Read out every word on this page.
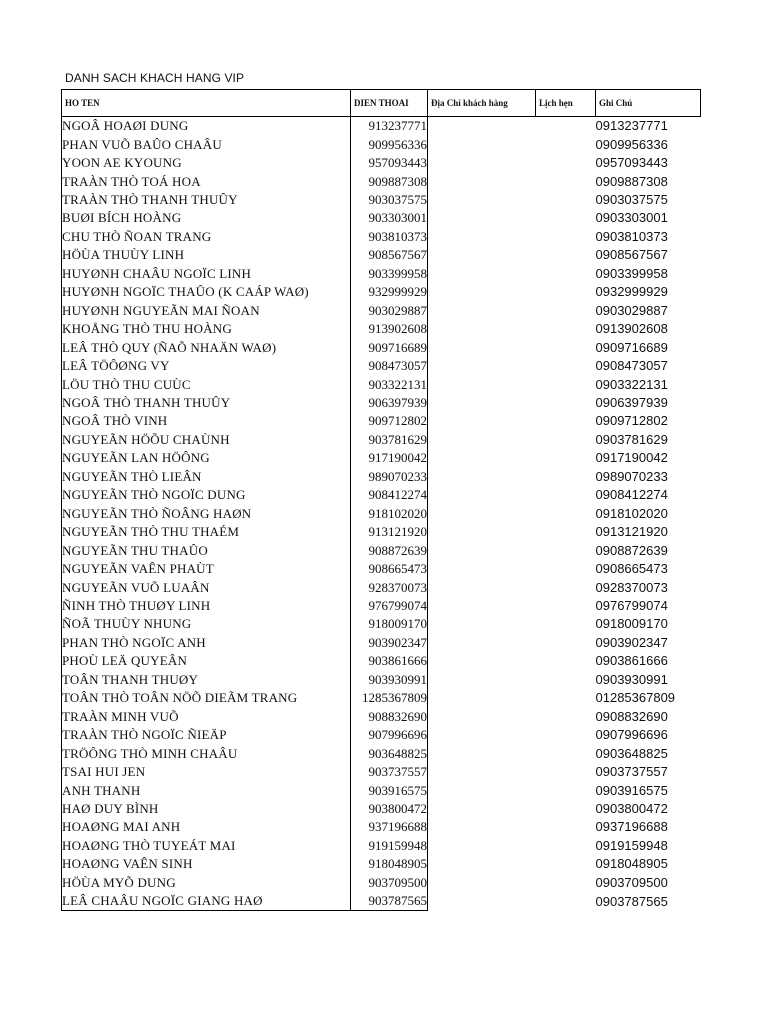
DANH SACH KHACH HANG VIP
HO TEN	DIEN THOAI	Địa Chỉ khách hàng	Lịch hẹn	Ghi Chú
NGOÂ HOAØI DUNG	913237771			0913237771
PHAN VUÕ BAÛO CHAÂU	909956336			0909956336
YOON AE KYOUNG	957093443			0957093443
TRAÀN THÒ TOÁ HOA	909887308			0909887308
TRAÀN THÒ THANH THUÛY	903037575			0903037575
BUØI BÍCH HOÀNG	903303001			0903303001
CHU THÒ ÑOAN TRANG	903810373			0903810373
HÖÙA THUÙY LINH	908567567			0908567567
HUYØNH CHAÂU NGOÏC LINH	903399958			0903399958
HUYØNH NGOÏC THAÛO (K CAÁP WAØ)	932999929			0932999929
HUYØNH NGUYEÃN MAI ÑOAN	903029887			0903029887
KHOÅNG THÒ THU HOÀNG	913902608			0913902608
LEÂ THÒ QUY (ÑAÕ NHAÄN WAØ)	909716689			0909716689
LEÂ TÖÔØNG VY	908473057			0908473057
LÖU THÒ THU CUÙC	903322131			0903322131
NGOÂ THÒ THANH THUÛY	906397939			0906397939
NGOÂ THÒ VINH	909712802			0909712802
NGUYEÃN HÖÕU CHAÙNH	903781629			0903781629
NGUYEÃN LAN HÖÔNG	917190042			0917190042
NGUYEÃN THÒ LIEÂN	989070233			0989070233
NGUYEÃN THÒ NGOÏC DUNG	908412274			0908412274
NGUYEÃN THÒ ÑOÂNG HAØN	918102020			0918102020
NGUYEÃN THÒ THU THAÉM	913121920			0913121920
NGUYEÃN THU THAÛO	908872639			0908872639
NGUYEÃN VAÊN PHAÙT	908665473			0908665473
NGUYEÃN VUÕ LUAÂN	928370073			0928370073
ÑINH THÒ THUØY LINH	976799074			0976799074
ÑOÃ THUÙY NHUNG	918009170			0918009170
PHAN THÒ NGOÏC ANH	903902347			0903902347
PHOÙ LEÄ QUYEÂN	903861666			0903861666
TOÂN THANH THUØY	903930991			0903930991
TOÂN THÒ TOÂN NÖÕ DIEÃM TRANG	1285367809			01285367809
TRAÀN MINH VUÕ	908832690			0908832690
TRAÀN THÒ NGOÏC ÑIEÄP	907996696			0907996696
TRÖÔNG THÒ MINH CHAÂU	903648825			0903648825
TSAI HUI JEN	903737557			0903737557
ANH THANH	903916575			0903916575
HAØ DUY BÌNH	903800472			0903800472
HOAØNG MAI ANH	937196688			0937196688
HOAØNG THÒ TUYEÁT MAI	919159948			0919159948
HOAØNG VAÊN SINH	918048905			0918048905
HÖÙA MYÕ DUNG	903709500			0903709500
LEÂ CHAÂU NGOÏC GIANG HAØ	903787565			0903787565
